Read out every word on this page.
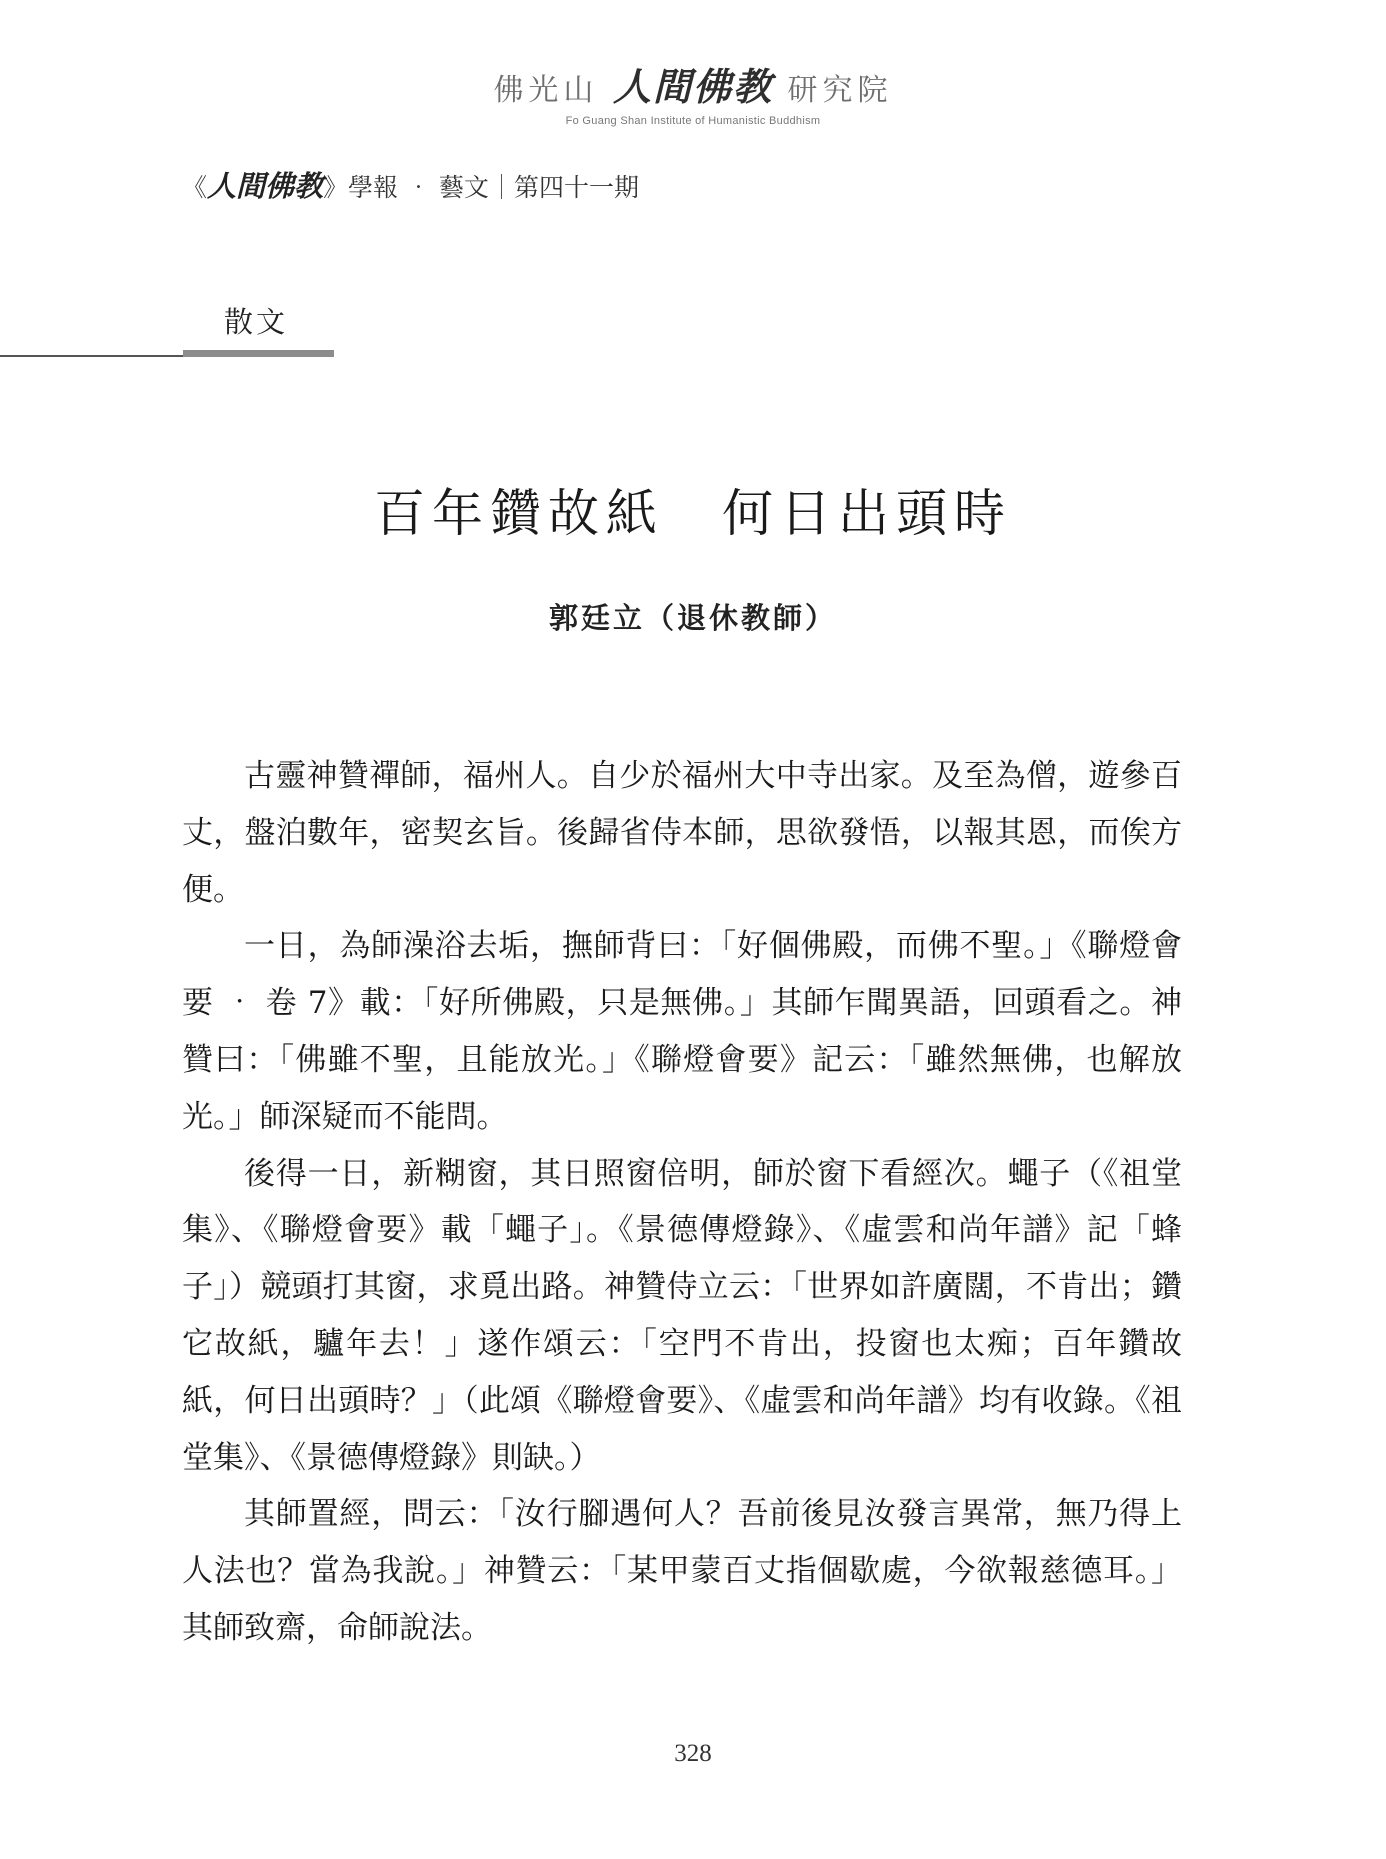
佛光山 人間佛教 研究院
Fo Guang Shan Institute of Humanistic Buddhism
《人間佛教》學報 ‧ 藝文｜第四十一期
散文
百年鑽故紙　何日出頭時
郭廷立（退休教師）

古靈神贊禪師，福州人。自少於福州大中寺出家。及至為僧，遊參百丈，盤泊數年，密契玄旨。後歸省侍本師，思欲發悟，以報其恩，而俟方便。

一日，為師澡浴去垢，撫師背曰：「好個佛殿，而佛不聖。」《聯燈會要 ‧ 卷 7》載：「好所佛殿，只是無佛。」其師乍聞異語，回頭看之。神贊曰：「佛雖不聖，且能放光。」《聯燈會要》記云：「雖然無佛，也解放光。」師深疑而不能問。

後得一日，新糊窗，其日照窗倍明，師於窗下看經次。蠅子（《祖堂集》、《聯燈會要》載「蠅子」。《景德傳燈錄》、《虛雲和尚年譜》記「蜂子」）競頭打其窗，求覓出路。神贊侍立云：「世界如許廣闊，不肯出；鑽它故紙，驢年去！」遂作頌云：「空門不肯出，投窗也太痴；百年鑽故紙，何日出頭時？」（此頌《聯燈會要》、《虛雲和尚年譜》均有收錄。《祖堂集》、《景德傳燈錄》則缺。）

其師置經，問云：「汝行腳遇何人？吾前後見汝發言異常，無乃得上人法也？當為我說。」神贊云：「某甲蒙百丈指個歇處，今欲報慈德耳。」其師致齋，命師說法。

328
